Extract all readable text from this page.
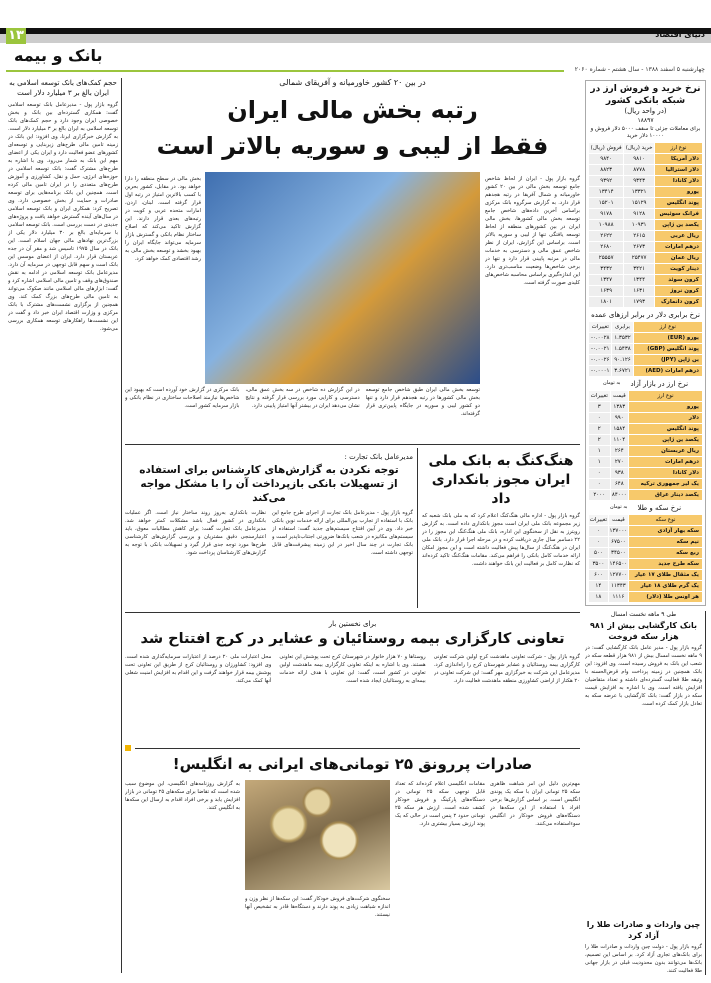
۱۳	دنیای اقتصاد
بانک و بیمه
چهارشنبه ۵ اسفند ۱۳۸۸ - سال هشتم - شماره ۲۰۶۰
حجم کمک‌های بانک توسعه اسلامی به ایران بالغ بر ۳ میلیارد دلار است
گروه بازار پول - مدیرعامل بانک توسعه اسلامی گفت: همکاری گسترده‌ای بین بانک و بخش خصوصی ایران وجود دارد و حجم کمک‌های بانک توسعه اسلامی به ایران بالغ بر ۳ میلیارد دلار است. به گزارش خبرگزاری ایرنا، وی افزود: این بانک در زمینه تامین مالی طرح‌های زیربنایی و توسعه‌ای کشورهای عضو فعالیت دارد و ایران یکی از اعضای مهم این بانک به شمار می‌رود. وی با اشاره به طرح‌های مشترک گفت: بانک توسعه اسلامی در حوزه‌های انرژی، حمل و نقل، کشاورزی و آموزش طرح‌های متعددی را در ایران تامین مالی کرده است. همچنین این بانک برنامه‌هایی برای توسعه صادرات و حمایت از بخش خصوصی دارد. وی تصریح کرد: همکاری ایران و بانک توسعه اسلامی در سال‌های آینده گسترش خواهد یافت و پروژه‌های جدیدی در دست بررسی است. بانک توسعه اسلامی با سرمایه‌ای بالغ بر ۳۰ میلیارد دلار یکی از بزرگ‌ترین نهادهای مالی جهان اسلام است. این بانک در سال ۱۹۷۵ تاسیس شد و مقر آن در جده عربستان قرار دارد. ایران از اعضای موسس این بانک است و سهم قابل توجهی در سرمایه آن دارد. مدیرعامل بانک توسعه اسلامی در ادامه به نقش صندوق‌های وقف و تامین مالی اسلامی اشاره کرد و گفت: ابزارهای مالی اسلامی مانند صکوک می‌تواند به تامین مالی طرح‌های بزرگ کمک کند. وی همچنین از برگزاری نشست‌های مشترک با بانک مرکزی و وزارت اقتصاد ایران خبر داد و گفت در این نشست‌ها راهکارهای توسعه همکاری بررسی می‌شود.
در بین ۲۰ کشور خاورمیانه و آفریقای شمالی
رتبه بخش مالی ایران
فقط از لیبی و سوریه بالاتر است
گروه بازار پول - ایران از لحاظ شاخص جامع توسعه بخش مالی در بین ۲۰ کشور خاورمیانه و شمال آفریقا در رتبه هجدهم قرار دارد. به گزارش سرگروه بانک مرکزی براساس آخرین داده‌های شاخص جامع توسعه بخش مالی کشورها، بخش مالی ایران در بین کشورهای منطقه از لحاظ توسعه یافتگی تنها از لیبی و سوریه بالاتر است. براساس این گزارش، ایران از نظر شاخص عمق مالی و دسترسی به خدمات مالی در مرتبه پایینی قرار دارد و تنها در برخی شاخص‌ها وضعیت مناسب‌تری دارد. این اندازه‌گیری براساس محاسبه شاخص‌های کلیدی صورت گرفته است.
بخش مالی در سطح منطقه را دارا خواهد بود. در مقابل، کشور بحرین با کسب بالاترین امتیاز در رتبه اول قرار گرفته است. لبنان، اردن، امارات متحده عربی و کویت در رتبه‌های بعدی قرار دارند. این گزارش تاکید می‌کند که اصلاح ساختار نظام بانکی و گسترش بازار سرمایه می‌تواند جایگاه ایران را بهبود بخشد و توسعه بخش مالی به رشد اقتصادی کمک خواهد کرد.
توسعه بخش مالی ایران طبق شاخص جامع توسعه بخش مالی کشورها در رتبه هجدهم قرار دارد و تنها دو کشور لیبی و سوریه در جایگاه پایین‌تری قرار گرفته‌اند.
در این گزارش ده شاخص در سه بخش عمق مالی، دسترسی و کارایی مورد بررسی قرار گرفته و نتایج نشان می‌دهد ایران در بیشتر آنها امتیاز پایینی دارد.
بانک مرکزی در گزارش خود آورده است که بهبود این شاخص‌ها نیازمند اصلاحات ساختاری در نظام بانکی و بازار سرمایه کشور است.
هنگ‌کنگ به بانک ملی ایران مجوز بانکداری داد
گروه بازار پول - اداره مالی هنگ‌کنگ اعلام کرد که به ملی بانک شعبه که زیر مجموعه بانک ملی ایران است مجوز بانکداری داده است. به گزارش رویترز به نقل از سخنگوی این اداره، بانک ملی هنگ‌کنگ این مجوز را در ۲۲ دسامبر سال جاری دریافت کرده و در مرحله اجرا قرار دارد. بانک ملی ایران در هنگ‌کنگ از سال‌ها پیش فعالیت داشته است و این مجوز امکان ارائه خدمات کامل بانکی را فراهم می‌کند. مقامات هنگ‌کنگ تاکید کرده‌اند که نظارت کامل بر فعالیت این بانک خواهند داشت.
مدیرعامل بانک تجارت :
توجه نکردن به گزارش‌های کارشناس برای استفاده
از تسهیلات بانکی بازپرداخت آن را با مشکل مواجه می‌کند
گروه بازار پول - مدیرعامل بانک تجارت از اجرای طرح جامع این بانک با استفاده از تجارب بین‌المللی برای ارائه خدمات نوین بانکی خبر داد. وی در آیین افتتاح سیستم‌های جدید گفت: استفاده از سیستم‌های مکانیزه در شعب بانک‌ها ضرورتی اجتناب‌ناپذیر است و بانک تجارت در چند سال اخیر در این زمینه پیشرفت‌های قابل توجهی داشته است.
نظارت بانکداری به‌روز روند ساختار نیاز است. اگر عملیات بانکداری در کشور فعال باشد مشکلات کمتر خواهد شد. مدیرعامل بانک تجارت گفت: برای کاهش مطالبات معوق، باید اعتبارسنجی دقیق مشتریان و بررسی گزارش‌های کارشناسی طرح‌ها مورد توجه جدی قرار گیرد و تسهیلات بانکی با توجه به گزارش‌های کارشناسان پرداخت شود.
برای نخستین بار
تعاونی کارگزاری بیمه روستائیان و عشایر در کرج افتتاح شد
گروه بازار پول - شرکت تعاونی ماهدشت کرج اولین شرکت تعاونی کارگزاری بیمه روستائیان و عشایر شهرستان کرج را راه‌اندازی کرد. مدیرعامل این شرکت به خبرگزاری مهر گفت: این شرکت تعاونی در ۲۰ هکتار از اراضی کشاورزی منطقه ماهدشت فعالیت دارد.
روستاها و ۷۰ هزار خانوار در شهرستان کرج تحت پوشش این تعاونی هستند. وی با اشاره به اینکه تعاونی کارگزاری بیمه ماهدشت اولین تعاونی در کشور است، گفت: این تعاونی با هدف ارائه خدمات بیمه‌ای به روستائیان ایجاد شده است.
محل اعتبارات ملی ۲۰ درصد از اعتبارات سرمایه‌گذاری شده است. وی افزود: کشاورزان و روستائیان کرج از طریق این تعاونی تحت پوشش بیمه قرار خواهند گرفت و این اقدام به افزایش امنیت شغلی آنها کمک می‌کند.
صادرات پررونق ۲۵ تومانی‌های ایرانی به انگلیس!
مهم‌ترین دلیل این امر شباهت ظاهری سکه ۲۵ تومانی ایران با سکه یک پوندی انگلیس است. بر اساس گزارش‌ها برخی افراد با استفاده از این سکه‌ها در دستگاه‌های فروش خودکار در انگلیس سوءاستفاده می‌کنند.
مقامات انگلیسی اعلام کرده‌اند که تعداد قابل توجهی سکه ۲۵ تومانی در دستگاه‌های پارکینگ و فروش خودکار کشف شده است. ارزش هر سکه ۲۵ تومانی حدود ۲ پنس است در حالی که یک پوند ارزش بسیار بیشتری دارد.
سخنگوی شرکت‌های فروش خودکار گفت: این سکه‌ها از نظر وزن و اندازه شباهت زیادی به پوند دارند و دستگاه‌ها قادر به تشخیص آنها نیستند.
به گزارش روزنامه‌های انگلیسی، این موضوع سبب شده است که تقاضا برای سکه‌های ۲۵ تومانی در بازار افزایش یابد و برخی افراد اقدام به ارسال این سکه‌ها به انگلیس کنند.
نرخ خرید و فروش ارز در شبکه بانکی کشور
(در واحد ریال)
۱۸۸۹۷
برای معاملات جزئی تا سقف ۵۰۰۰ دلار فروش و ۱۰۰۰۰ دلار خرید
نوع ارز	خرید (ریال)	فروش (ریال)
دلار آمریکا	۹۸۱۰	۹۸۴۰
دلار استرالیا	۸۷۷۸	۸۸۲۳
دلار کانادا	۹۳۴۳	۹۳۹۲
یورو	۱۳۳۲۱	۱۳۴۱۴
پوند انگلیس	۱۵۱۲۹	۱۵۲۰۱
فرانک سوئیس	۹۱۲۸	۹۱۷۸
یکصد ین ژاپن	۱۰۹۳۱	۱۰۹۸۸
ریال عربی	۲۶۱۵	۲۶۲۲
درهم امارات	۲۶۷۳	۲۶۸۰
ریال عمان	۲۵۴۷۷	۲۵۵۵۷
دینار کویت	۳۴۲۱	۳۴۳۲
کرون سوئد	۱۳۴۴	۱۳۴۷
کرون نروژ	۱۶۳۱	۱۶۳۹
کرون دانمارک	۱۷۹۳	۱۸۰۱
نرخ برابری دلار در برابر ارزهای عمده
نوع ارز	برابری	تغییرات
یورو (EUR)	۱.۳۵۳۲	۰.۰۰۲۸-
پوند انگلیس (GBP)	۱.۵۴۳۸	۰.۰۰۲۱-
ین ژاپن (JPY)	۹۰.۱۲۶	۰.۰۰۲۶-
درهم امارات (AED)	۳.۶۷۲۱	۰.۰۰۰۱-
نرخ ارز در بازار آزاد
به تومان
نوع ارز	قیمت	تغییرات
یورو	۱۳۸۳	۳
دلار	۹۹۰	۰
پوند انگلیس	۱۵۸۴	۲
یکصد ین ژاپن	۱۱۰۴	۲
ریال عربستان	۲۶۴	۱
درهم امارات	۲۷۰	۱
دلار کانادا	۹۳۸	۰
یک لیر جمهوری ترکیه	۶۴۸	۰
یکصد دینار عراق	۸۴۰۰۰	۲۰۰۰
نرخ سکه و طلا
به تومان
نوع سکه	قیمت	تغییرات
سکه بهار آزادی	۱۳۷۰۰۰	۰
نیم سکه	۶۷۵۰۰	۰
ربع سکه	۳۴۵۰۰	۵۰۰
سکه طرح جدید	۱۴۶۵۰۰	۳۵۰۰
یک مثقال طلای ۱۷ عیار	۱۲۷۷۰۰	۶۰۰
یک گرم طلای ۱۸ عیار	۱۱۳۴۳	۱۴
هر اونس طلا (دلار)	۱۱۱۶	۱۸
طی ۹ ماهه نخست امسال
بانک کارگشایی بیش از ۹۸۱ هزار سکه فروخت
گروه بازار پول - مدیر عامل بانک کارگشایی گفت: در ۹ ماهه نخست امسال بیش از ۹۸۱ هزار قطعه سکه در شعب این بانک به فروش رسیده است. وی افزود: این بانک همچنین در زمینه پرداخت وام قرض‌الحسنه با وثیقه طلا فعالیت گسترده‌ای داشته و تعداد متقاضیان افزایش یافته است. وی با اشاره به افزایش قیمت سکه در بازار گفت: بانک کارگشایی با عرضه سکه به تعادل بازار کمک کرده است.
چین واردات و صادرات طلا را آزاد کرد
گروه بازار پول - دولت چین واردات و صادرات طلا را برای بانک‌های تجاری آزاد کرد. بر اساس این تصمیم، بانک‌ها می‌توانند بدون محدودیت قبلی در بازار جهانی طلا فعالیت کنند.
